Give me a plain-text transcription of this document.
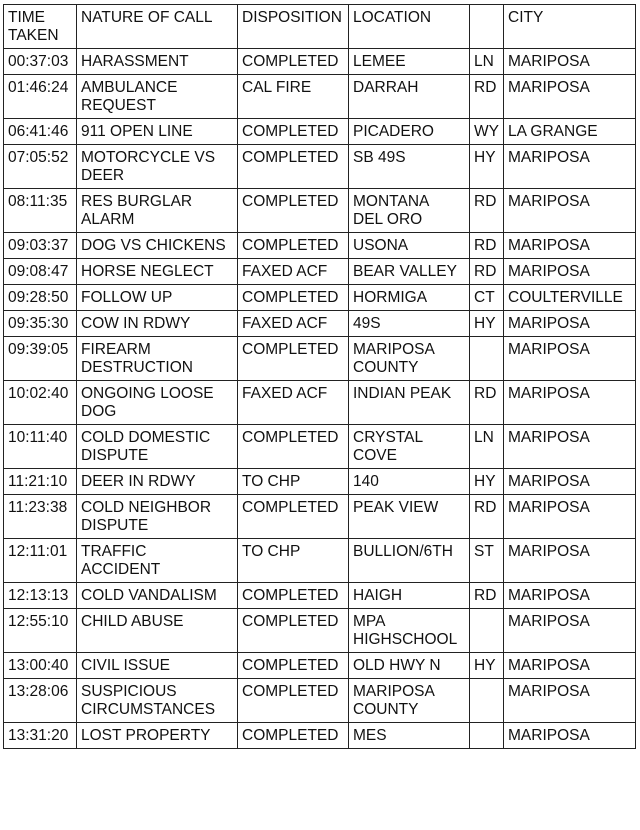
TIME
TAKEN	NATURE OF CALL	DISPOSITION	LOCATION		CITY
00:37:03	HARASSMENT	COMPLETED	LEMEE	LN	MARIPOSA
01:46:24	AMBULANCE
REQUEST	CAL FIRE	DARRAH	RD	MARIPOSA
06:41:46	911 OPEN LINE	COMPLETED	PICADERO	WY	LA GRANGE
07:05:52	MOTORCYCLE VS
DEER	COMPLETED	SB 49S	HY	MARIPOSA
08:11:35	RES BURGLAR
ALARM	COMPLETED	MONTANA
DEL ORO	RD	MARIPOSA
09:03:37	DOG VS CHICKENS	COMPLETED	USONA	RD	MARIPOSA
09:08:47	HORSE NEGLECT	FAXED ACF	BEAR VALLEY	RD	MARIPOSA
09:28:50	FOLLOW UP	COMPLETED	HORMIGA	CT	COULTERVILLE
09:35:30	COW IN RDWY	FAXED ACF	49S	HY	MARIPOSA
09:39:05	FIREARM
DESTRUCTION	COMPLETED	MARIPOSA
COUNTY		MARIPOSA
10:02:40	ONGOING LOOSE
DOG	FAXED ACF	INDIAN PEAK	RD	MARIPOSA
10:11:40	COLD DOMESTIC
DISPUTE	COMPLETED	CRYSTAL
COVE	LN	MARIPOSA
11:21:10	DEER IN RDWY	TO CHP	140	HY	MARIPOSA
11:23:38	COLD NEIGHBOR
DISPUTE	COMPLETED	PEAK VIEW	RD	MARIPOSA
12:11:01	TRAFFIC
ACCIDENT	TO CHP	BULLION/6TH	ST	MARIPOSA
12:13:13	COLD VANDALISM	COMPLETED	HAIGH	RD	MARIPOSA
12:55:10	CHILD ABUSE	COMPLETED	MPA
HIGHSCHOOL		MARIPOSA
13:00:40	CIVIL ISSUE	COMPLETED	OLD HWY N	HY	MARIPOSA
13:28:06	SUSPICIOUS
CIRCUMSTANCES	COMPLETED	MARIPOSA
COUNTY		MARIPOSA
13:31:20	LOST PROPERTY	COMPLETED	MES		MARIPOSA
